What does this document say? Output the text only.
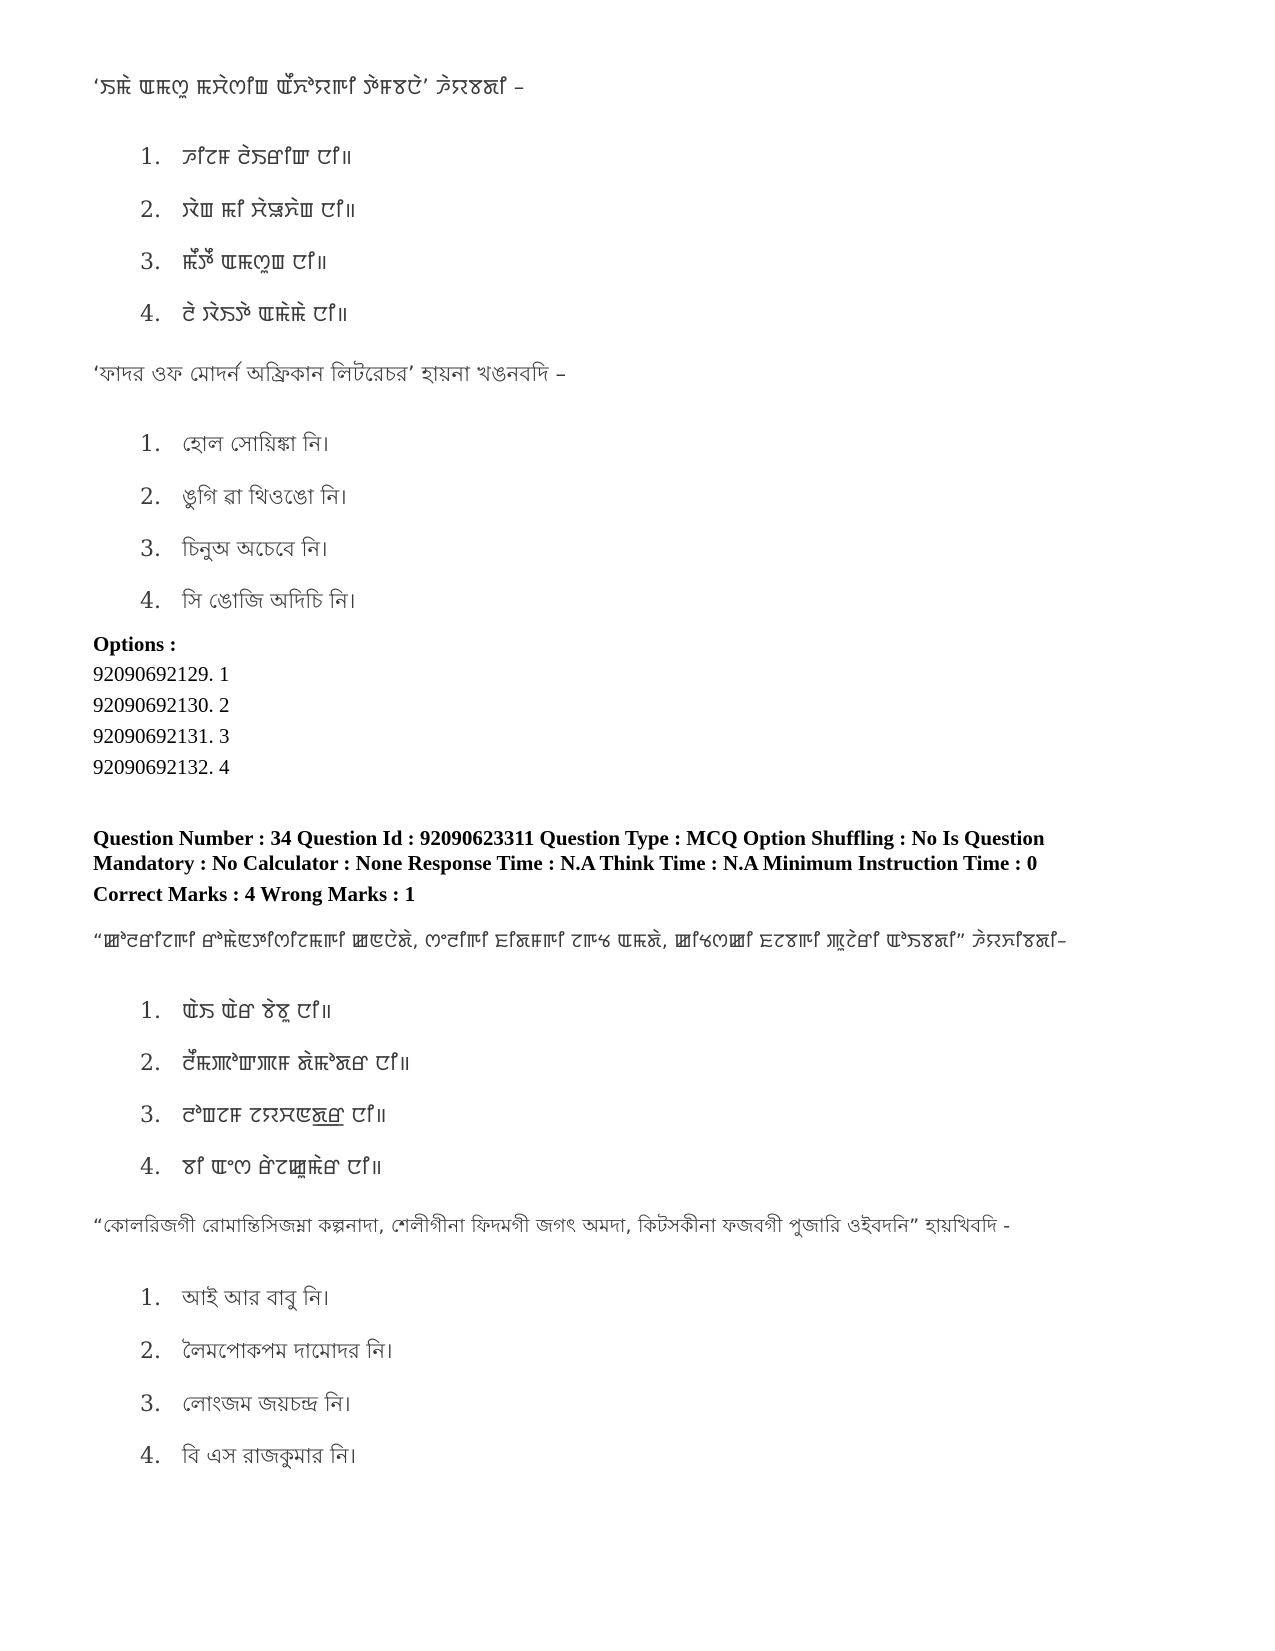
‘ꯏꯃꯥ ꯑꯃꯁꯨ ꯃꯆꯥꯁꯤꯡ ꯑꯩꯈꯣꯌꯒꯤ ꯇꯥꯝꯕꯅꯥ’ ꯍꯥꯌꯕꯗꯤ –
1. ꯍꯤꯖꯝ ꯂꯥꯏꯔꯤꯛ ꯅꯤ॥
2. ꯋꯥꯡ ꯃꯤ ꯆꯥꯎꯈꯥꯡ ꯅꯤ॥
3. ꯃꯩꯇꯩ ꯑꯃꯁꯨꯡ ꯅꯤ॥
4. ꯂꯥ ꯋꯥꯏꯇꯥ ꯑꯃꯥꯃꯥ ꯅꯤ॥
‘ফাদর ওফ মোদর্ন অফ্রিকান লিটরেচর’ হায়না খঙনবদি –
1. হোল সোয়িঙ্কা নি।
2. ঙুগি ৱা থিওঙো নি।
3. চিনুঅ অচেবে নি।
4. সি ঙোজি অদিচি নি।
Options :
92090692129. 1
92090692130. 2
92090692131. 3
92090692132. 4
Question Number : 34 Question Id : 92090623311 Question Type : MCQ Option Shuffling : No Is Question
Mandatory : No Calculator : None Response Time : N.A Think Time : N.A Minimum Instruction Time : 0
Correct Marks : 4 Wrong Marks : 1
“ꯀꯣꯂꯔꯤꯖꯒꯤ ꯔꯣꯃꯥꯟꯇꯤꯁꯤꯖꯃꯒꯤ ꯀꯟꯅꯥꯗꯥ, ꯁꯦꯂꯤꯒꯤ ꯐꯤꯗꯝꯒꯤ ꯖꯒꯠ ꯑꯃꯗꯥ, ꯀꯤꯠꯁꯀꯤ ꯐꯖꯕꯒꯤ ꯄꯨꯖꯥꯔꯤ ꯑꯣꯏꯕꯗꯤ” ꯍꯥꯌꯈꯤꯕꯗꯤ–
1. ꯑꯥꯏ ꯑꯥꯔ ꯕꯥꯕꯨ ꯅꯤ॥
2. ꯂꯩꯃꯄꯣꯛꯄꯝ ꯗꯥꯃꯣꯗꯔ ꯅꯤ॥
3. ꯂꯣꯡꯖꯝ ꯖꯌꯆꯟꯗ꯭ꯔ ꯅꯤ॥
4. ꯕꯤ ꯑꯦꯁ ꯔꯥꯖꯀꯨꯃꯥꯔ ꯅꯤ॥
“কোলরিজগী রোমান্তিসিজম্না কল্পনাদা, শেলীগীনা ফিদমগী জগৎ অমদা, কিটসকীনা ফজবগী পুজারি ওইবদনি” হায়খিবদি -
1. আই আর বাবু নি।
2. লৈমপোকপম দামোদর নি।
3. লোংজম জয়চন্দ্র নি।
4. বি এস রাজকুমার নি।
